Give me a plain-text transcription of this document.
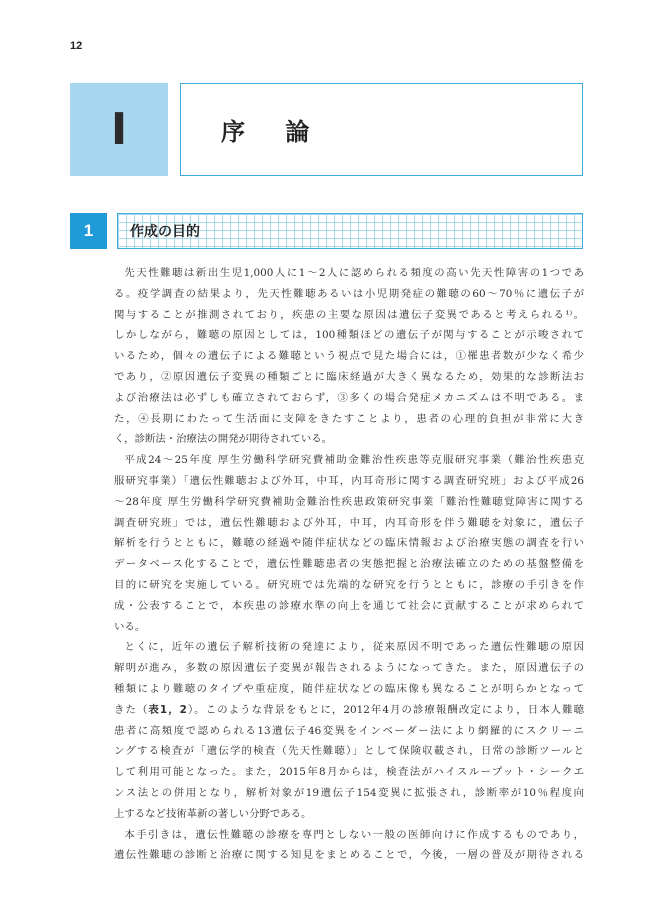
12
I	序 論
1	作成の目的
先天性難聴は新出生児1,000人に1～2人に認められる頻度の高い先天性障害の1つであ
る。疫学調査の結果より，先天性難聴あるいは小児期発症の難聴の60～70％に遺伝子が
関与することが推測されており，疾患の主要な原因は遺伝子変異であると考えられる¹⁾。
しかしながら，難聴の原因としては，100種類ほどの遺伝子が関与することが示唆されて
いるため，個々の遺伝子による難聴という視点で見た場合には，①罹患者数が少なく希少
であり，②原因遺伝子変異の種類ごとに臨床経過が大きく異なるため，効果的な診断法お
よび治療法は必ずしも確立されておらず，③多くの場合発症メカニズムは不明である。ま
た，④長期にわたって生活面に支障をきたすことより，患者の心理的負担が非常に大き
く，診断法・治療法の開発が期待されている。
平成24～25年度 厚生労働科学研究費補助金難治性疾患等克服研究事業（難治性疾患克
服研究事業）「遺伝性難聴および外耳，中耳，内耳奇形に関する調査研究班」および平成26
～28年度 厚生労働科学研究費補助金難治性疾患政策研究事業「難治性難聴覚障害に関する
調査研究班」では，遺伝性難聴および外耳，中耳，内耳奇形を伴う難聴を対象に，遺伝子
解析を行うとともに，難聴の経過や随伴症状などの臨床情報および治療実態の調査を行い
データベース化することで，遺伝性難聴患者の実態把握と治療法確立のための基盤整備を
目的に研究を実施している。研究班では先端的な研究を行うとともに，診療の手引きを作
成・公表することで，本疾患の診療水準の向上を通じて社会に貢献することが求められて
いる。
とくに，近年の遺伝子解析技術の発達により，従来原因不明であった遺伝性難聴の原因
解明が進み，多数の原因遺伝子変異が報告されるようになってきた。また，原因遺伝子の
種類により難聴のタイプや重症度，随伴症状などの臨床像も異なることが明らかとなって
きた（表1，2）。このような背景をもとに，2012年4月の診療報酬改定により，日本人難聴
患者に高頻度で認められる13遺伝子46変異をインベーダー法により網羅的にスクリーニ
ングする検査が「遺伝学的検査（先天性難聴）」として保険収載され，日常の診断ツールと
して利用可能となった。また，2015年8月からは，検査法がハイスループット・シークエ
ンス法との併用となり，解析対象が19遺伝子154変異に拡張され，診断率が10％程度向
上するなど技術革新の著しい分野である。
本手引きは，遺伝性難聴の診療を専門としない一般の医師向けに作成するものであり，
遺伝性難聴の診断と治療に関する知見をまとめることで，今後，一層の普及が期待される
